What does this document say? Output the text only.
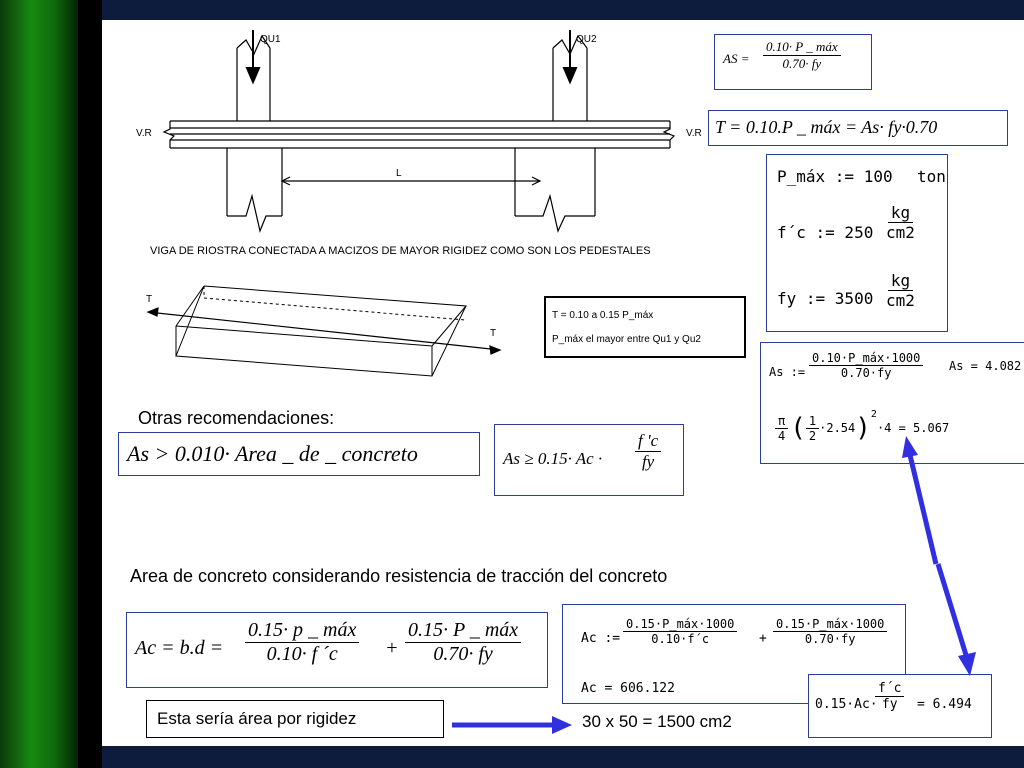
QU1	QU2
V.R	V.R
L
VIGA DE RIOSTRA CONECTADA A MACIZOS DE MAYOR RIGIDEZ COMO SON LOS PEDESTALES
T
T
AS = $\frac{\text{0.10· P \_ máx}}{0.70\cdot fy}$
T = 0.10.P _ máx = As· fy·0.70
P_máx := 100 ton
f´c := $250 \frac{kg}{cm2}$
fy := $3500 \frac{kg}{cm2}$
T = 0.10 a 0.15 P_máx
P_máx el mayor entre Qu1 y Qu2
As := $\frac{\text{0.10·P\_máx·1000}}{0.70\cdot fy}$ As = 4.082
$\frac{\pi}{4}$ ( $\frac{1}{2} \cdot 2.54$ ) 2
·4 = 5.067
Otras recomendaciones:
As > 0.010· Area _ de _ concreto	$As \ge 0.15\cdot Ac \cdot \frac{f 'c}{fy}$
Area de concreto considerando resistencia de tracción del concreto
$Ac = b.d = \frac{\text{0.15· p \_ máx}}{0.10\cdot f ´c} + \frac{\text{0.15· P \_ máx}}{0.70\cdot fy}$	Ac := $\frac{\text{0.15·P\_máx·1000}}{0.10\cdot f´c} + \frac{\text{0.15·P\_máx·1000}}{0.70\cdot fy}$
Ac = 606.122
0.15·Ac·
$\frac{f´c}{fy} = 6.494$
Esta sería área por rigidez	30 x 50 = 1500 cm2
